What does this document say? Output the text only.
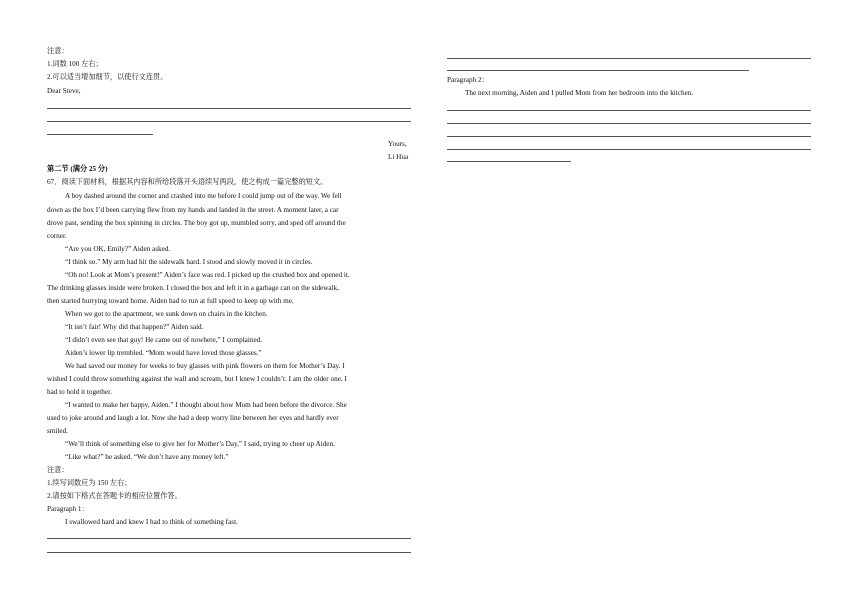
注意：
1.词数 100 左右；
2.可以适当增加细节，以使行文连贯。
Dear Steve,
Yours,
Li Hua
第二节 (满分 25 分)
67．阅读下面材料，根据其内容和所给段落开头语续写两段，使之构成一篇完整的短文。
A boy dashed around the corner and crashed into me before I could jump out of the way. We fell
down as the box I’d been carrying flew from my hands and landed in the street. A moment later, a car
drove past, sending the box spinning in circles. The boy got up, mumbled sorry, and sped off around the
corner.
“Are you OK, Emily?” Aiden asked.
“I think so.” My arm had hit the sidewalk hard. I stood and slowly moved it in circles.
“Oh no! Look at Mom’s present!” Aiden’s face was red. I picked up the crushed box and opened it.
The drinking glasses inside were broken. I closed the box and left it in a garbage can on the sidewalk,
then started hurrying toward home. Aiden had to run at full speed to keep up with me.
When we got to the apartment, we sunk down on chairs in the kitchen.
“It isn’t fair! Why did that happen?” Aiden said.
“I didn’t even see that guy! He came out of nowhere,” I complained.
Aiden’s lower lip trembled. “Mom would have loved those glasses.”
We had saved our money for weeks to buy glasses with pink flowers on them for Mother’s Day. I
wished I could throw something against the wall and scream, but I knew I couldn’t. I am the older one. I
had to hold it together.
“I wanted to make her happy, Aiden.” I thought about how Mom had been before the divorce. She
used to joke around and laugh a lot. Now she had a deep worry line between her eyes and hardly ever
smiled.
“We’ll think of something else to give her for Mother’s Day,” I said, trying to cheer up Aiden.
“Like what?” he asked. “We don’t have any money left.”
注意：
1.续写词数应为 150 左右；
2.请按如下格式在答题卡的相应位置作答。
Paragraph 1：
I swallowed hard and knew I had to think of something fast.
Paragraph 2：
The next morning, Aiden and I pulled Mom from her bedroom into the kitchen.
